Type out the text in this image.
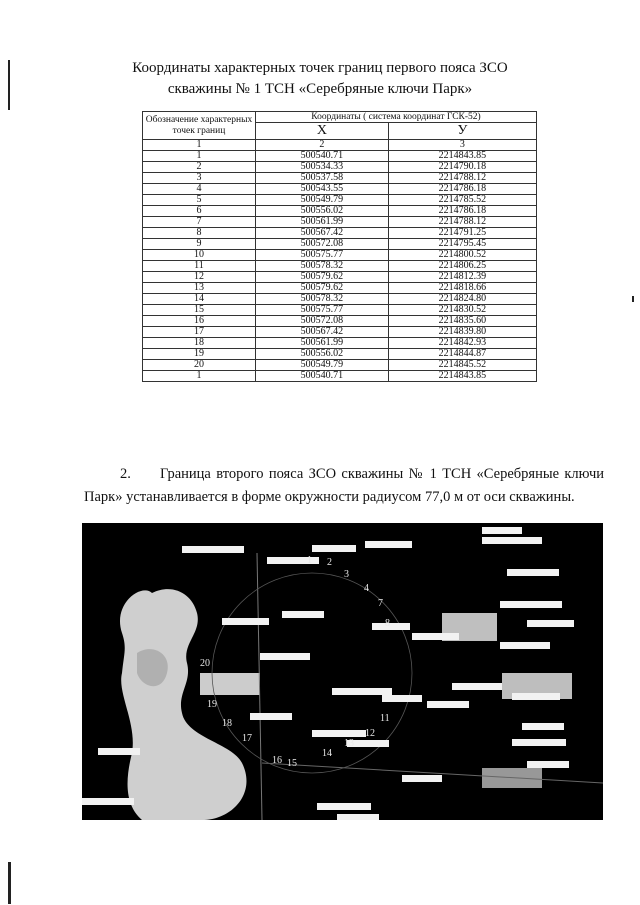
Координаты характерных точек границ первого пояса ЗСО
скважины № 1 ТСН «Серебряные ключи Парк»
Обозначение характерных точек границ	Координаты ( система координат ГСК-52)	
	X	У
1	2	3
1	500540.71	2214843.85
2	500534.33	2214790.18
3	500537.58	2214788.12
4	500543.55	2214786.18
5	500549.79	2214785.52
6	500556.02	2214786.18
7	500561.99	2214788.12
8	500567.42	2214791.25
9	500572.08	2214795.45
10	500575.77	2214800.52
11	500578.32	2214806.25
12	500579.62	2214812.39
13	500579.62	2214818.66
14	500578.32	2214824.80
15	500575.77	2214830.52
16	500572.08	2214835.60
17	500567.42	2214839.80
18	500561.99	2214842.93
19	500556.02	2214844.87
20	500549.79	2214845.52
1	500540.71	2214843.85
2. Граница второго пояса ЗСО скважины № 1 ТСН «Серебряные ключи Парк» устанавливается в форме окружности радиусом 77,0 м от оси скважины.
1 2
3
4
7
8
11
12
13
14
15
16
17
18
19
20
